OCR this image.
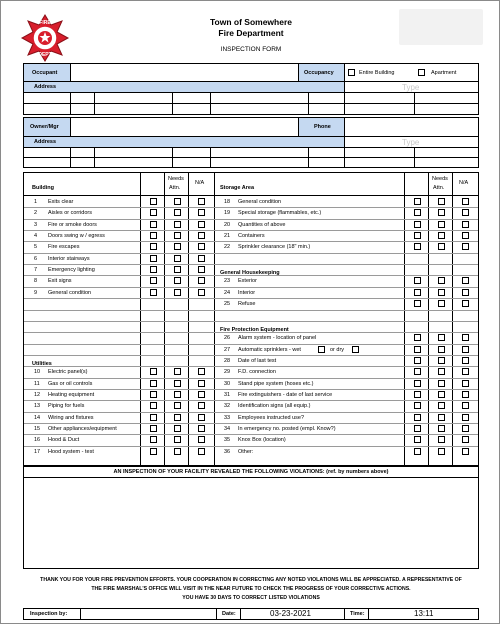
FIRE
DEPT
Town of Somewhere
Fire Department
INSPECTION FORM
Occupant	Occupancy	Entire Building	Apartment
Address	Type
Owner/Mgr	Phone
Address	Type
Needs
Attn.
N/A
Needs
Attn.
N/A
Building	Storage Area
Utilities
General Housekeeping
Fire Protection Equipment
1 Exits clear
2 Aisles or corridors
3 Fire or smoke doors
4 Doors swing w / egress
5 Fire escapes
6 Interior stairways
7 Emergency lighting
8 Exit signs
9 General condition
10 Electric panel(s)
11 Gas or oil controls
12 Heating equipment
13 Piping for fuels
14 Wiring and fixtures
15 Other appliances/equipment
16 Hood & Duct
17 Hood system - test
18 General condition
19 Special storage (flammables, etc.)
20 Quantities of above
21 Containers
22 Sprinkler clearance (18" min.)
23 Exterior
24 Interior
25 Refuse
26 Alarm system - location of panel
27 Automatic sprinklers - wet	or dry
28 Date of last test
29 F.D. connection
30 Stand pipe system (hoses etc.)
31 Fire extinguishers - date of last service
32 Identification signs (all equip.)
33 Employees instructed use?
34 In emergency no. posted (empl. Know?)
35 Knox Box (location)
36 Other:
AN INSPECTION OF YOUR FACILITY REVEALED THE FOLLOWING VIOLATIONS: (ref. by numbers above)
THANK YOU FOR YOUR FIRE PREVENTION EFFORTS. YOUR COOPERATION IN CORRECTING ANY NOTED VIOLATIONS WILL BE APPRECIATED. A REPRESENTATIVE OF
THE FIRE MARSHAL'S OFFICE WILL VISIT IN THE NEAR FUTURE TO CHECK THE PROGRESS OF YOUR CORRECTIVE ACTIONS.
YOU HAVE 30 DAYS TO CORRECT LISTED VIOLATIONS
Inspection by:	Date:	03-23-2021	Time:	13:11
